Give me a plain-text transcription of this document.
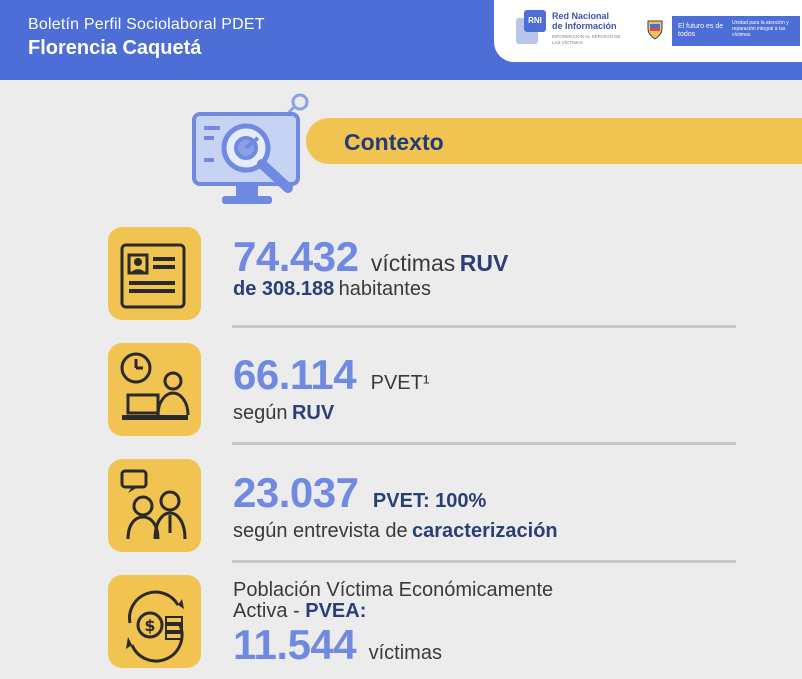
Boletín Perfil Sociolaboral PDET
Florencia Caquetá
RNI	Red Nacional
de Información
INFORMACIÓN AL SERVICIO DE LAS VÍCTIMAS
El futuro es de todos
Unidad para la atención y reparación integral a las víctimas
Contexto
74.432 víctimas RUV
de 308.188 habitantes
66.114 PVET¹
según RUV
23.037 PVET: 100%
según entrevista de caracterización
$
Población Víctima Económicamente
Activa - PVEA:
11.544 víctimas
